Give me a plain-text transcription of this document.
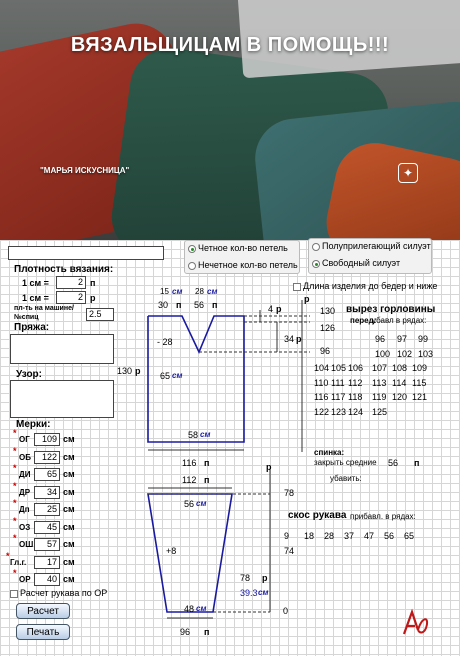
ВЯЗАЛЬЩИЦАМ В ПОМОЩЬ!!!
"МАРЬЯ ИСКУСНИЦА"	✦
Четное кол-во петель
Нечетное кол-во петель
Полуприлегающий силуэт
Свободный силуэт
Длина изделия до бедер и ниже
Плотность вязания:
1 см =	2 п
1 см =	2 р
пл-ть на машине/
№спиц	2.5
Пряжа:
Узор:
Мерки:
*
ОГ	109 см
*
ОБ	122 см
*
ДИ	65 см
*
ДР	34 см
*
Дп	25 см
*
ОЗ	45 см
*
ОШ	57 см
*
Гл.г.	17 см
*
ОР	40 см
Расчет рукава по ОР
Расчет
Печать
15 см 28 см
30 п 56 п	4 р
34 р
- 28
130 р 65 см
58 см
116 п
112 п
р
130
126
96
вырез горловины
перед:
убавл в рядах:
96 97 99
100 102 103
104 105 106 107 108 109
110 111 112 113 114 115
116 117 118 119 120 121
122 123 124 125
спинка:
закрыть средние 56 п
убавить:
р
78
56 см
+8
скос рукава прибавл. в рядах:
9 18 28 37 47 56 65
74
78 р
39.3 см
48 см	0
96 п
